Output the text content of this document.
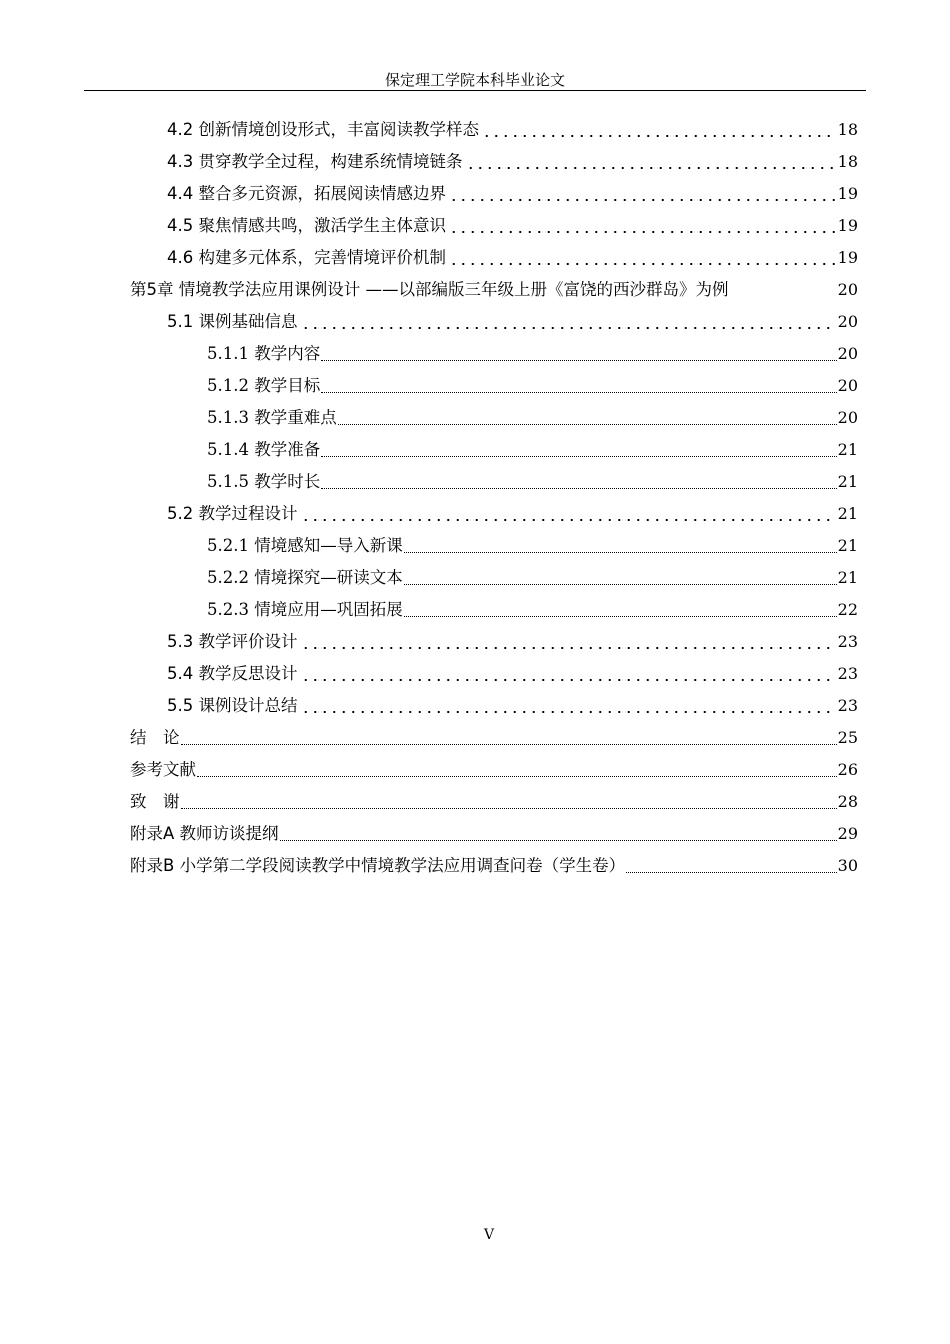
保定理工学院本科毕业论文
4.2 创新情境创设形式，丰富阅读教学样态	18
4.3 贯穿教学全过程，构建系统情境链条	18
4.4 整合多元资源，拓展阅读情感边界	19
4.5 聚焦情感共鸣，激活学生主体意识	19
4.6 构建多元体系，完善情境评价机制	19
第5章 情境教学法应用课例设计 ——以部编版三年级上册《富饶的西沙群岛》为例	20
5.1 课例基础信息	20
5.1.1 教学内容	20
5.1.2 教学目标	20
5.1.3 教学重难点	20
5.1.4 教学准备	21
5.1.5 教学时长	21
5.2 教学过程设计	21
5.2.1 情境感知—导入新课	21
5.2.2 情境探究—研读文本	21
5.2.3 情境应用—巩固拓展	22
5.3 教学评价设计	23
5.4 教学反思设计	23
5.5 课例设计总结	23
结　论	25
参考文献	26
致　谢	28
附录A 教师访谈提纲	29
附录B 小学第二学段阅读教学中情境教学法应用调查问卷（学生卷）	30
V
